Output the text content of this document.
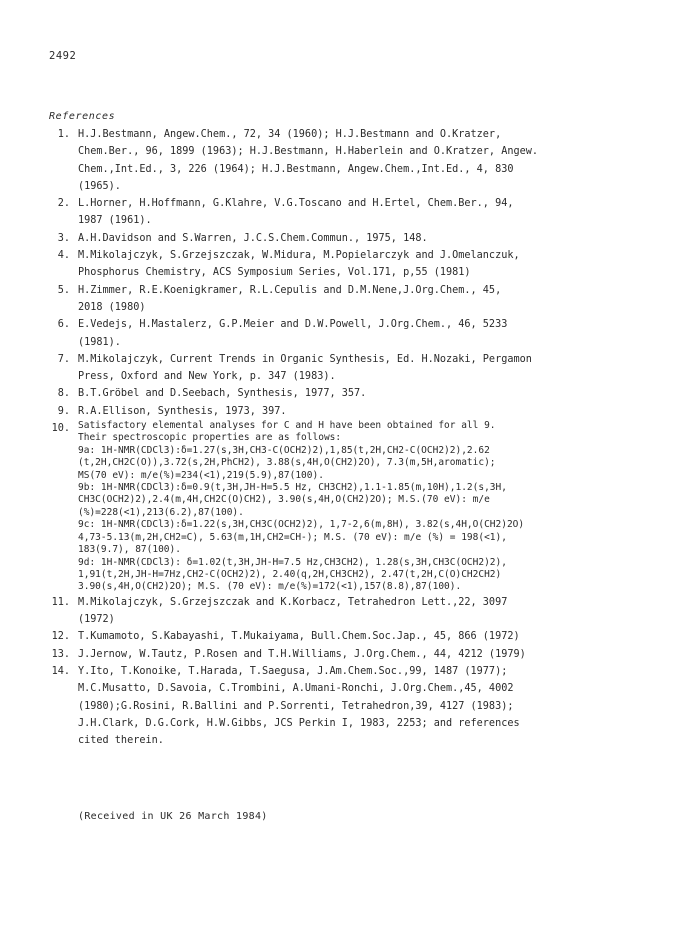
2492
References
1. H.J.Bestmann, Angew.Chem., 72, 34 (1960); H.J.Bestmann and O.Kratzer,
Chem.Ber., 96, 1899 (1963); H.J.Bestmann, H.Haberlein and O.Kratzer, Angew.
Chem.,Int.Ed., 3, 226 (1964); H.J.Bestmann, Angew.Chem.,Int.Ed., 4, 830
(1965).
2. L.Horner, H.Hoffmann, G.Klahre, V.G.Toscano and H.Ertel, Chem.Ber., 94,
1987 (1961).
3. A.H.Davidson and S.Warren, J.C.S.Chem.Commun., 1975, 148.
4. M.Mikolajczyk, S.Grzejszczak, W.Midura, M.Popielarczyk and J.Omelanczuk,
Phosphorus Chemistry, ACS Symposium Series, Vol.171, p,55 (1981)
5. H.Zimmer, R.E.Koenigkramer, R.L.Cepulis and D.M.Nene,J.Org.Chem., 45,
2018 (1980)
6. E.Vedejs, H.Mastalerz, G.P.Meier and D.W.Powell, J.Org.Chem., 46, 5233
(1981).
7. M.Mikolajczyk, Current Trends in Organic Synthesis, Ed. H.Nozaki, Pergamon
Press, Oxford and New York, p. 347 (1983).
8. B.T.Gröbel and D.Seebach, Synthesis, 1977, 357.
9. R.A.Ellison, Synthesis, 1973, 397.
10. Satisfactory elemental analyses for C and H have been obtained for all 9.
Their spectroscopic properties are as follows:
9a: 1H-NMR(CDCl3):δ=1.27(s,3H,CH3-C(OCH2)2),1,85(t,2H,CH2-C(OCH2)2),2.62
(t,2H,CH2C(O)),3.72(s,2H,PhCH2), 3.88(s,4H,O(CH2)2O), 7.3(m,5H,aromatic);
MS(70 eV): m/e(%)=234(<1),219(5.9),87(100).
9b: 1H-NMR(CDCl3):δ=0.9(t,3H,JH-H=5.5 Hz, CH3CH2),1.1-1.85(m,10H),1.2(s,3H,
CH3C(OCH2)2),2.4(m,4H,CH2C(O)CH2), 3.90(s,4H,O(CH2)2O); M.S.(70 eV): m/e
(%)=228(<1),213(6.2),87(100).
9c: 1H-NMR(CDCl3):δ=1.22(s,3H,CH3C(OCH2)2), 1,7-2,6(m,8H), 3.82(s,4H,O(CH2)2O)
4,73-5.13(m,2H,CH2=C), 5.63(m,1H,CH2=CH-); M.S. (70 eV): m/e (%) = 198(<1),
183(9.7), 87(100).
9d: 1H-NMR(CDCl3): δ=1.02(t,3H,JH-H=7.5 Hz,CH3CH2), 1.28(s,3H,CH3C(OCH2)2),
1,91(t,2H,JH-H=7Hz,CH2-C(OCH2)2), 2.40(q,2H,CH3CH2), 2.47(t,2H,C(O)CH2CH2)
3.90(s,4H,O(CH2)2O); M.S. (70 eV): m/e(%)=172(<1),157(8.8),87(100).
11. M.Mikolajczyk, S.Grzejszczak and K.Korbacz, Tetrahedron Lett.,22, 3097
(1972)
12. T.Kumamoto, S.Kabayashi, T.Mukaiyama, Bull.Chem.Soc.Jap., 45, 866 (1972)
13. J.Jernow, W.Tautz, P.Rosen and T.H.Williams, J.Org.Chem., 44, 4212 (1979)
14. Y.Ito, T.Konoike, T.Harada, T.Saegusa, J.Am.Chem.Soc.,99, 1487 (1977);
M.C.Musatto, D.Savoia, C.Trombini, A.Umani-Ronchi, J.Org.Chem.,45, 4002
(1980);G.Rosini, R.Ballini and P.Sorrenti, Tetrahedron,39, 4127 (1983);
J.H.Clark, D.G.Cork, H.W.Gibbs, JCS Perkin I, 1983, 2253; and references
cited therein.
(Received in UK 26 March 1984)
